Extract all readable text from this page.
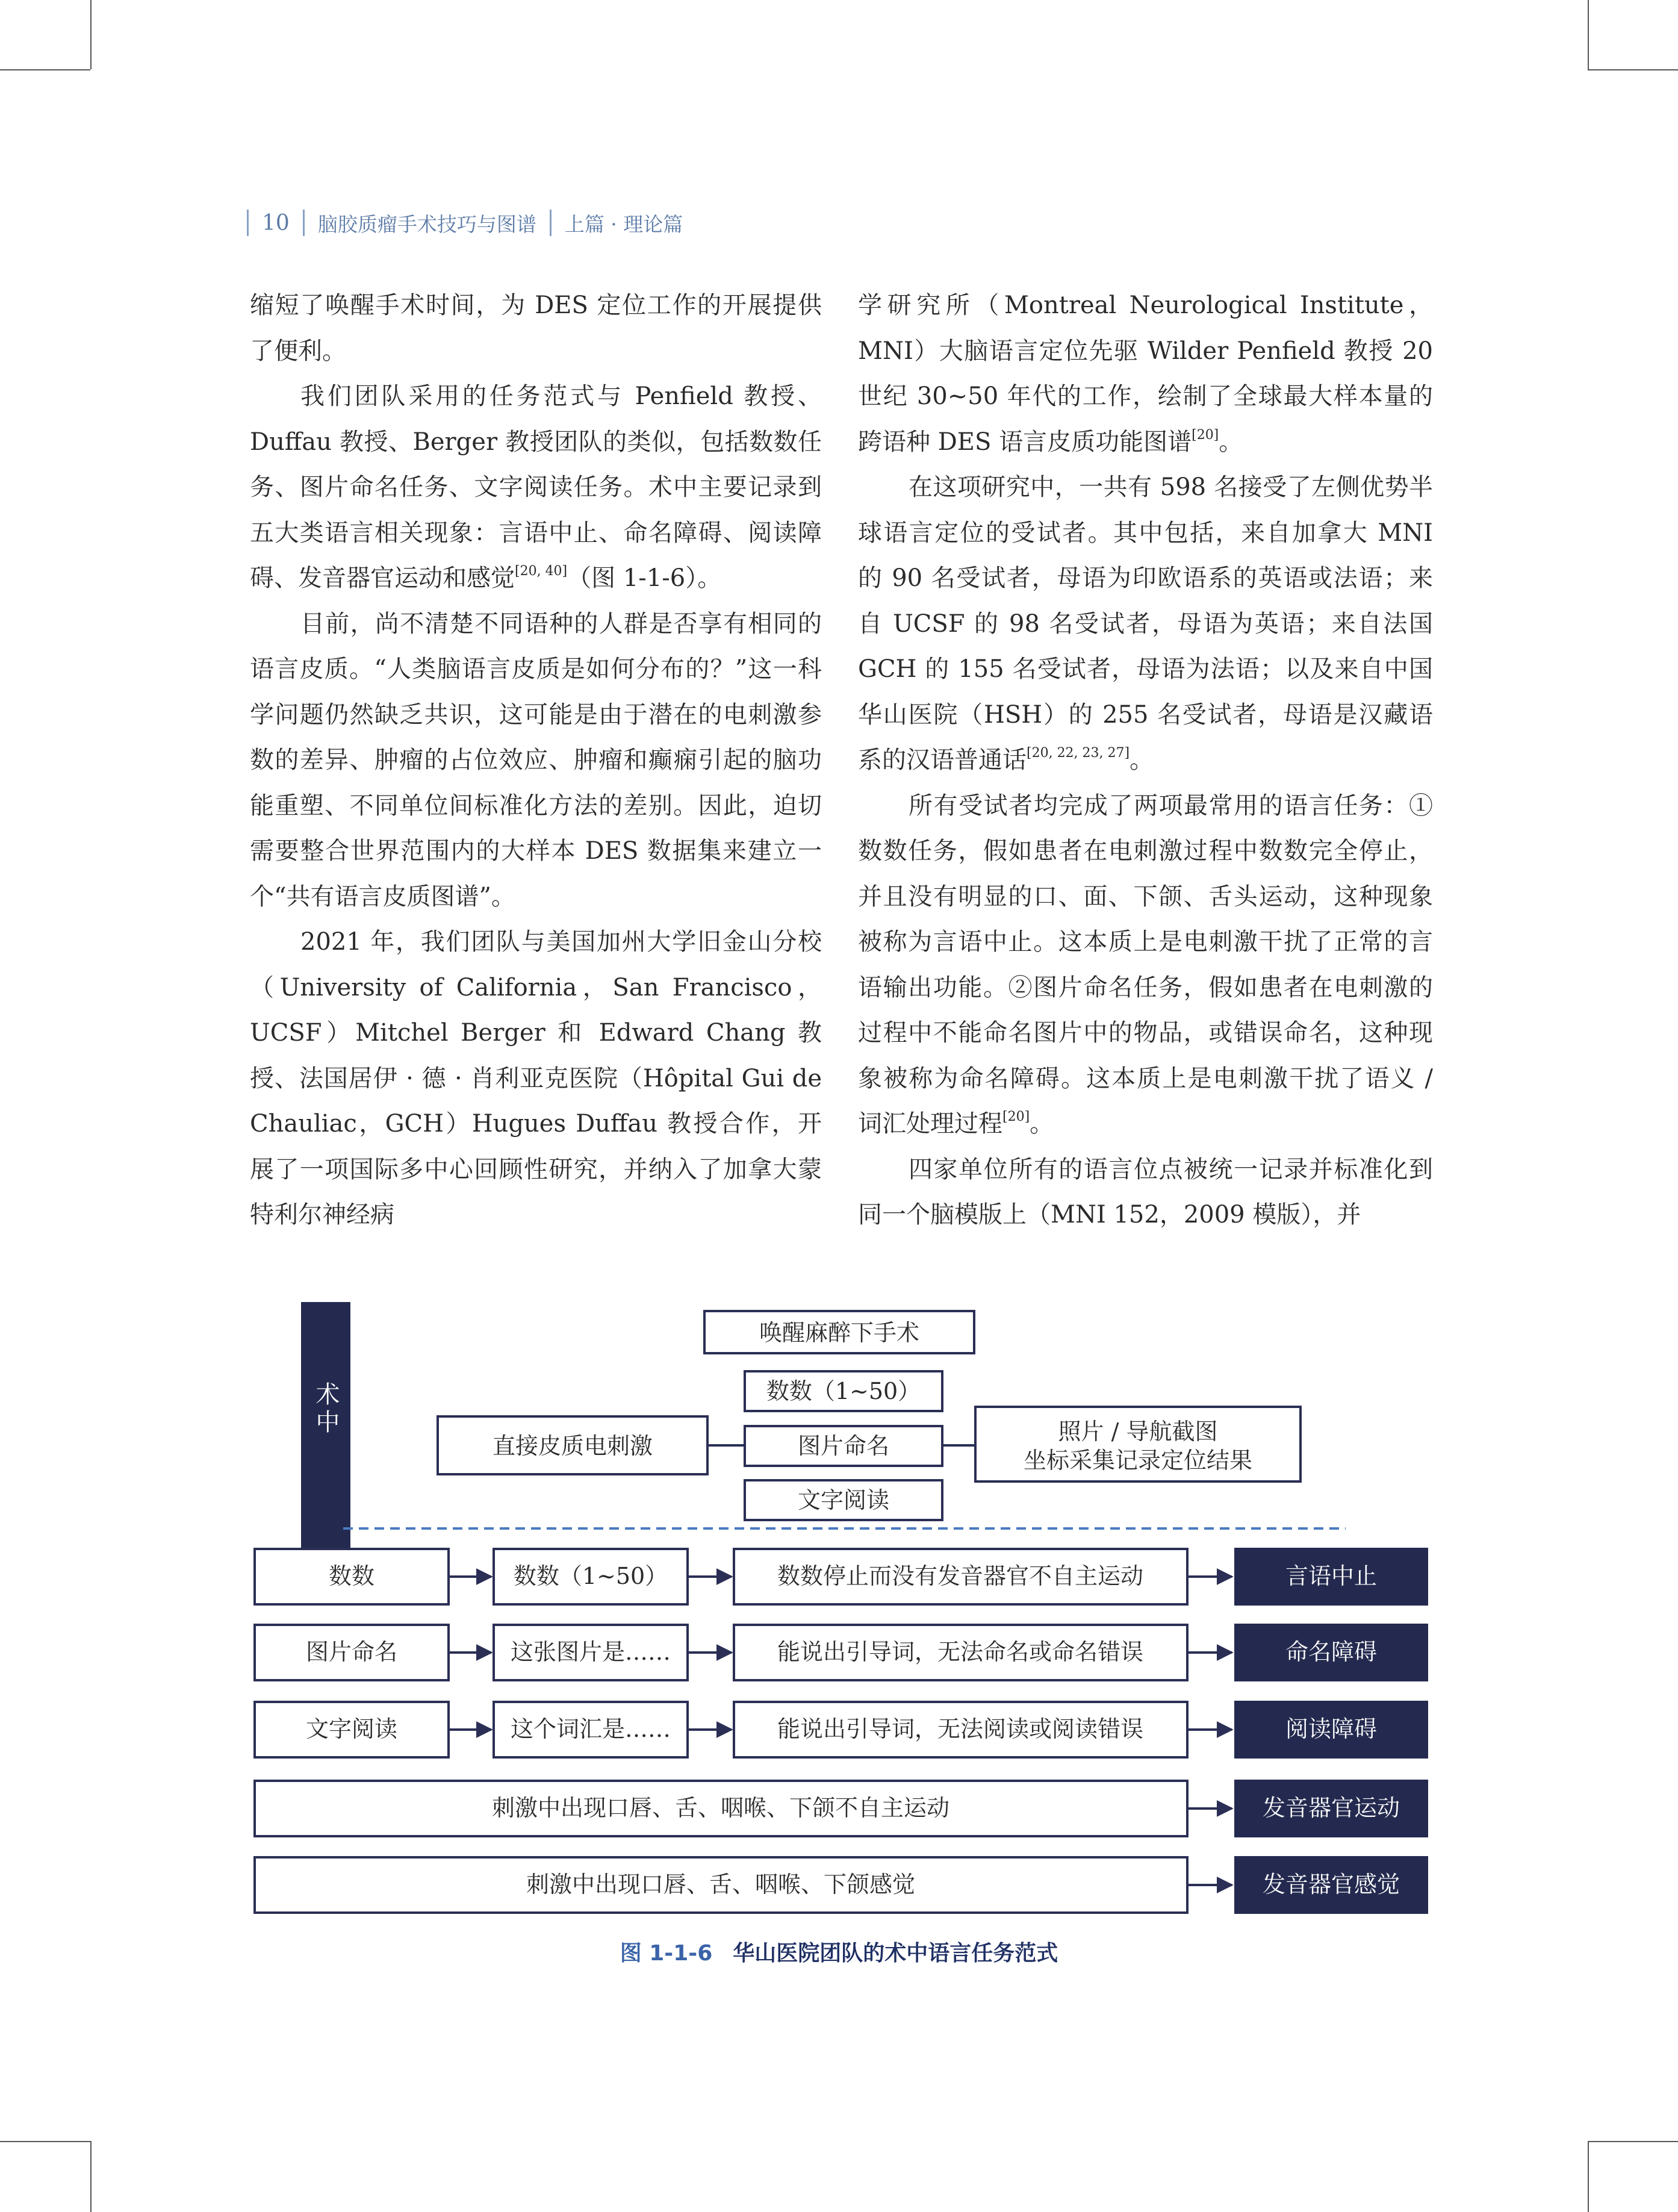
10 脑胶质瘤手术技巧与图谱 上篇 · 理论篇

缩短了唤醒手术时间，为 DES 定位工作的开展提供了便利。

我们团队采用的任务范式与 Penfield 教授、Duffau 教授、Berger 教授团队的类似，包括数数任务、图片命名任务、文字阅读任务。术中主要记录到五大类语言相关现象：言语中止、命名障碍、阅读障碍、发音器官运动和感觉[20, 40]（图 1-1-6）。

目前，尚不清楚不同语种的人群是否享有相同的语言皮质。“人类脑语言皮质是如何分布的？”这一科学问题仍然缺乏共识，这可能是由于潜在的电刺激参数的差异、肿瘤的占位效应、肿瘤和癫痫引起的脑功能重塑、不同单位间标准化方法的差别。因此，迫切需要整合世界范围内的大样本 DES 数据集来建立一个“共有语言皮质图谱”。

2021 年，我们团队与美国加州大学旧金山分校（University of California，San Francisco，UCSF）Mitchel Berger 和 Edward Chang 教授、法国居伊 · 德 · 肖利亚克医院（Hôpital Gui de Chauliac，GCH）Hugues Duffau 教授合作，开展了一项国际多中心回顾性研究，并纳入了加拿大蒙特利尔神经病

学研究所（Montreal Neurological Institute，MNI）大脑语言定位先驱 Wilder Penfield 教授 20 世纪 30~50 年代的工作，绘制了全球最大样本量的跨语种 DES 语言皮质功能图谱[20]。

在这项研究中，一共有 598 名接受了左侧优势半球语言定位的受试者。其中包括，来自加拿大 MNI 的 90 名受试者，母语为印欧语系的英语或法语；来自 UCSF 的 98 名受试者，母语为英语；来自法国 GCH 的 155 名受试者，母语为法语；以及来自中国华山医院（HSH）的 255 名受试者，母语是汉藏语系的汉语普通话[20, 22, 23, 27]。

所有受试者均完成了两项最常用的语言任务：①数数任务，假如患者在电刺激过程中数数完全停止，并且没有明显的口、面、下颌、舌头运动，这种现象被称为言语中止。这本质上是电刺激干扰了正常的言语输出功能。②图片命名任务，假如患者在电刺激的过程中不能命名图片中的物品，或错误命名，这种现象被称为命名障碍。这本质上是电刺激干扰了语义 / 词汇处理过程[20]。

四家单位所有的语言位点被统一记录并标准化到同一个脑模版上（MNI 152，2009 模版），并

术中
唤醒麻醉下手术
直接皮质电刺激
数数（1~50）
图片命名
文字阅读
照片 / 导航截图
坐标采集记录定位结果
数数	数数（1~50）	数数停止而没有发音器官不自主运动	言语中止
图片命名	这张图片是……	能说出引导词，无法命名或命名错误	命名障碍
文字阅读	这个词汇是……	能说出引导词，无法阅读或阅读错误	阅读障碍
刺激中出现口唇、舌、咽喉、下颌不自主运动	发音器官运动
刺激中出现口唇、舌、咽喉、下颌感觉	发音器官感觉
图 1-1-6 华山医院团队的术中语言任务范式
